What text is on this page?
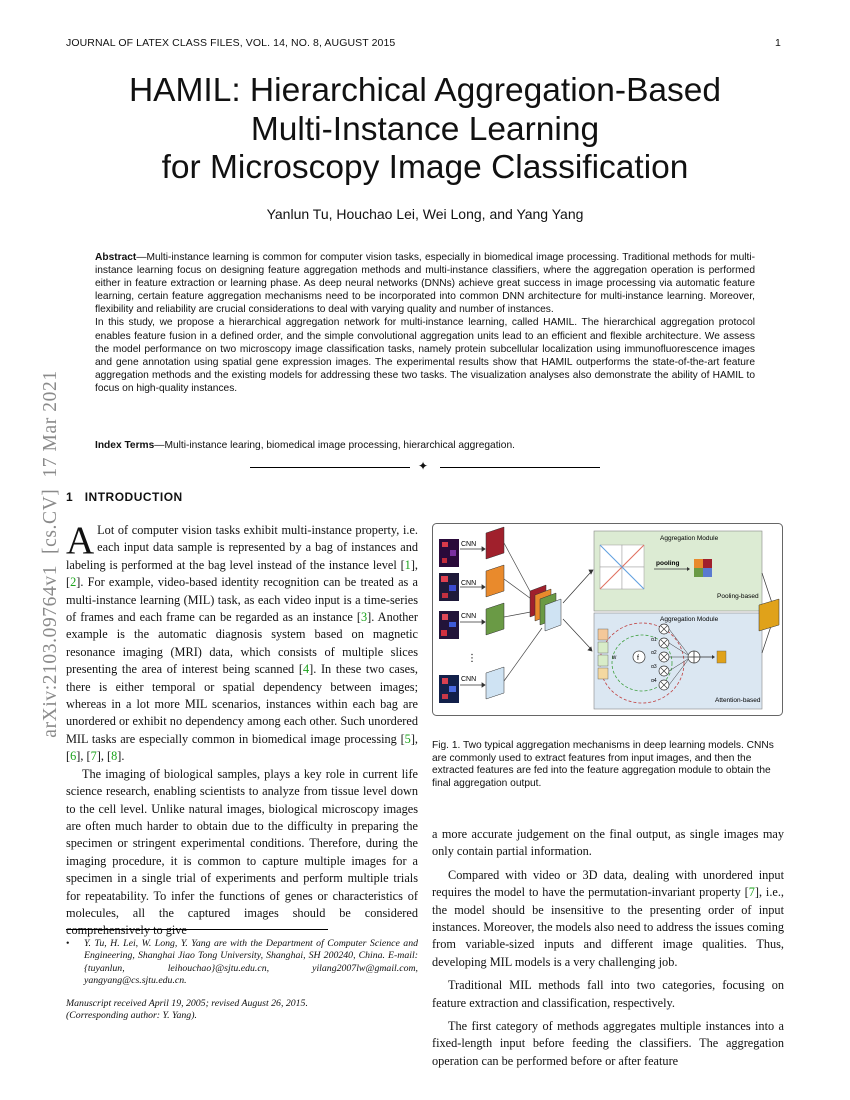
JOURNAL OF LATEX CLASS FILES, VOL. 14, NO. 8, AUGUST 2015	1
HAMIL: Hierarchical Aggregation-Based
Multi-Instance Learning
for Microscopy Image Classification
Yanlun Tu, Houchao Lei, Wei Long, and Yang Yang

Abstract—Multi-instance learning is common for computer vision tasks, especially in biomedical image processing. Traditional methods for multi-instance learning focus on designing feature aggregation methods and multi-instance classifiers, where the aggregation operation is performed either in feature extraction or learning phase. As deep neural networks (DNNs) achieve great success in image processing via automatic feature learning, certain feature aggregation mechanisms need to be incorporated into common DNN architecture for multi-instance learning. Moreover, flexibility and reliability are crucial considerations to deal with varying quality and number of instances.

In this study, we propose a hierarchical aggregation network for multi-instance learning, called HAMIL. The hierarchical aggregation protocol enables feature fusion in a defined order, and the simple convolutional aggregation units lead to an efficient and flexible architecture. We assess the model performance on two microscopy image classification tasks, namely protein subcellular localization using immunofluorescence images and gene annotation using spatial gene expression images. The experimental results show that HAMIL outperforms the state-of-the-art feature aggregation methods and the existing models for addressing these two tasks. The visualization analyses also demonstrate the ability of HAMIL to focus on high-quality instances.

Index Terms—Multi-instance learing, biomedical image processing, hierarchical aggregation.
✦
1 INTRODUCTION

A Lot of computer vision tasks exhibit multi-instance property, i.e. each input data sample is represented by a bag of instances and labeling is performed at the bag level instead of the instance level [1], [2]. For example, video-based identity recognition can be treated as a multi-instance learning (MIL) task, as each video input is a time-series of frames and each frame can be regarded as an instance [3]. Another example is the automatic diagnosis system based on magnetic resonance imaging (MRI) data, which consists of multiple slices presenting the area of interest being scanned [4]. In these two cases, there is either temporal or spatial dependency between images; whereas in a lot more MIL scenarios, instances within each bag are unordered or exhibit no dependency among each other. Such unordered MIL tasks are especially common in biomedical image processing [5], [6], [7], [8].

The imaging of biological samples, plays a key role in current life science research, enabling scientists to analyze from tissue level down to the cell level. Unlike natural images, biological microscopy images are often much harder to obtain due to the difficulty in preparing the specimen or stringent experimental conditions. Therefore, during the imaging procedure, it is common to capture multiple images for a specimen in a single trial of experiments and perform multiple trials for repeatability. To infer the functions of genes or characteristics of molecules, all the captured images should be considered comprehensively to give

• Y. Tu, H. Lei, W. Long, Y. Yang are with the Department of Computer Science and Engineering, Shanghai Jiao Tong University, Shanghai, SH 200240, China. E-mail: {tuyanlun, leihouchao}@sjtu.edu.cn, yilang2007lw@gmail.com, yangyang@cs.sjtu.edu.cn.
Manuscript received April 19, 2005; revised August 26, 2015.
(Corresponding author: Y. Yang).
CNN
CNN
CNN
CNN
⋮
Aggregation Module
pooling
Pooling-based
Aggregation Module
w	f
α1
α2
α3
α4
Attention-based
Fig. 1. Two typical aggregation mechanisms in deep learning models. CNNs are commonly used to extract features from input images, and then the extracted features are fed into the feature aggregation module to obtain the final aggregation output.

a more accurate judgement on the final output, as single images may only contain partial information.

Compared with video or 3D data, dealing with unordered input requires the model to have the permutation-invariant property [7], i.e., the model should be insensitive to the presenting order of input instances. Moreover, the models also need to address the issues coming from variable-sized inputs and different image qualities. Thus, developing MIL models is a very challenging job.

Traditional MIL methods fall into two categories, focusing on feature extraction and classification, respectively.

The first category of methods aggregates multiple instances into a fixed-length input before feeding the classifiers. The aggregation operation can be performed before or after feature

arXiv:2103.09764v1  [cs.CV]  17 Mar 2021
